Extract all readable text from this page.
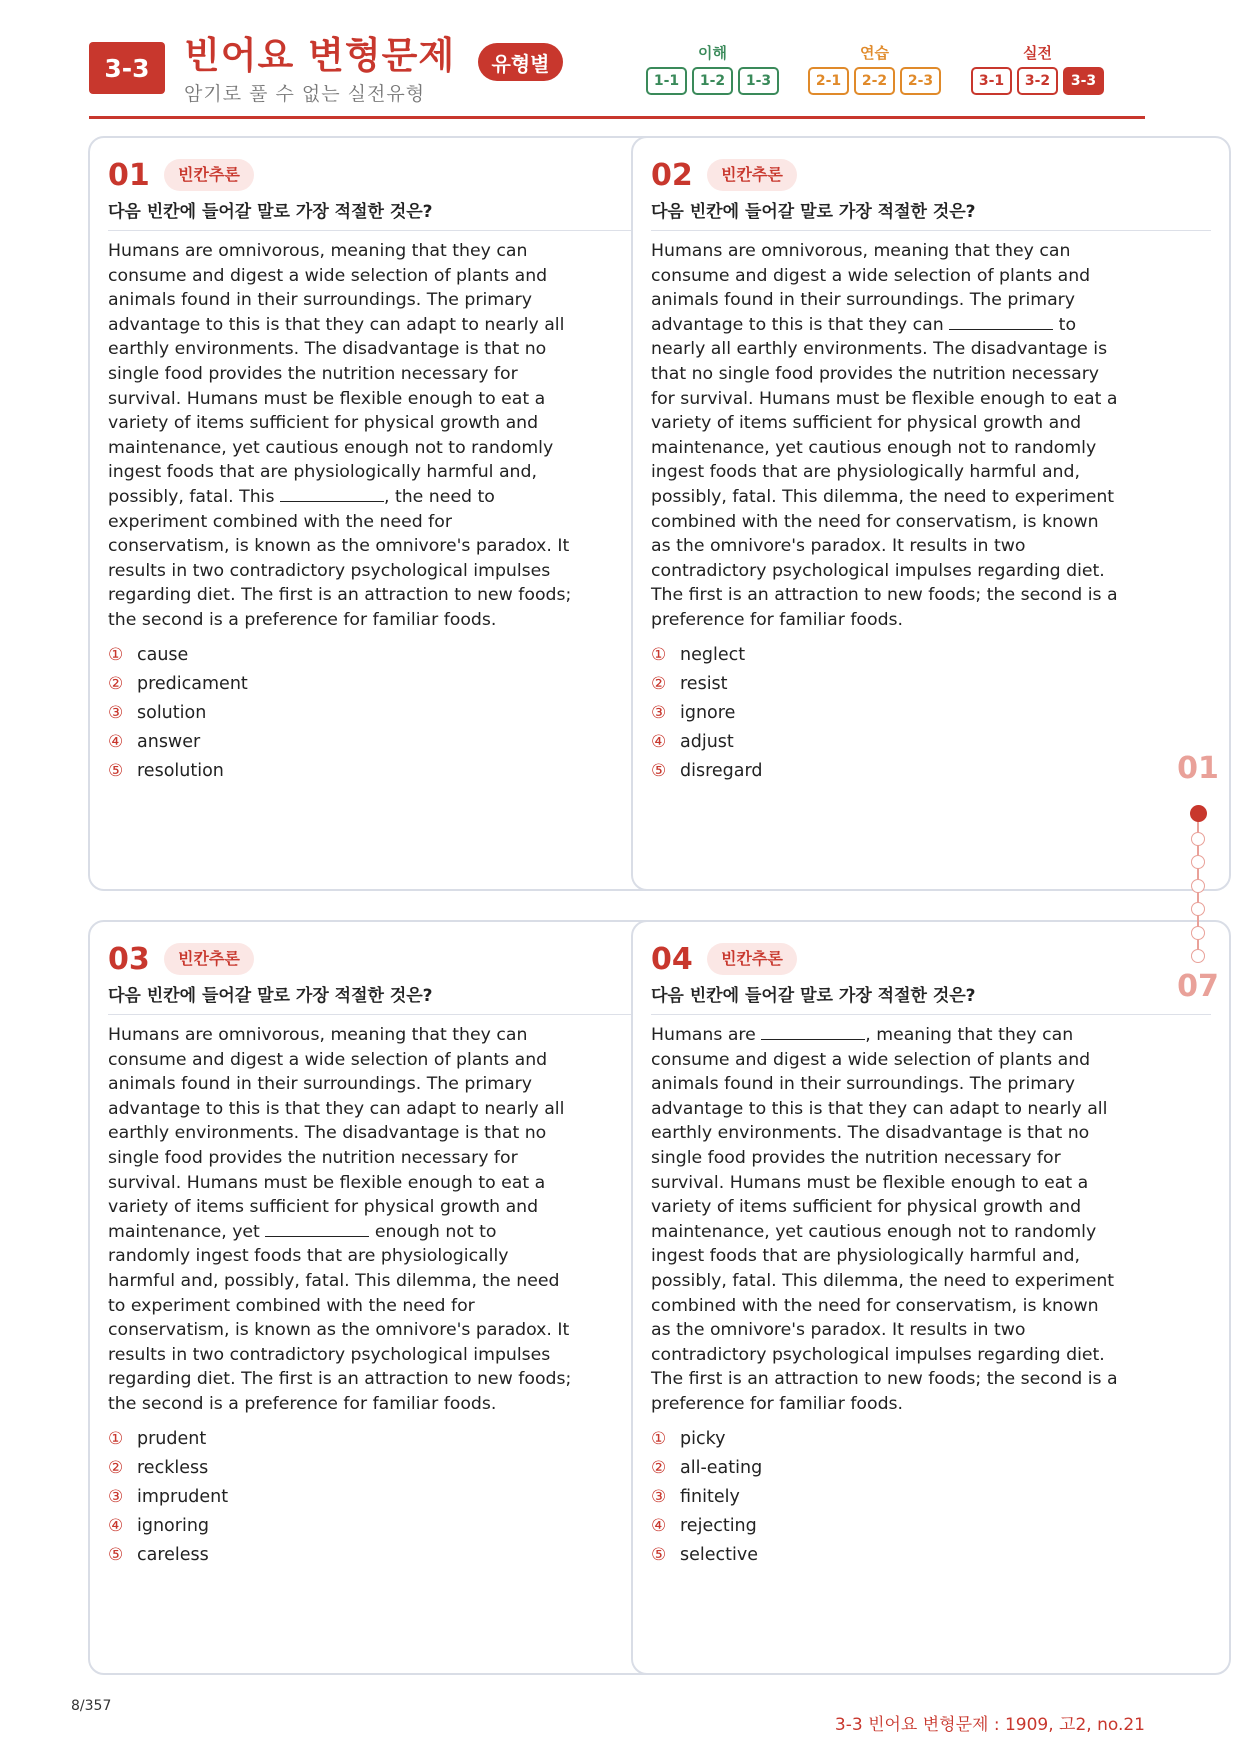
3-3 빈어요 변형문제	유형별
암기로 풀 수 없는 실전유형
이해
1-1	1-2	1-3
연습
2-1	2-2	2-3
실전
3-1	3-2	3-3
01	빈칸추론
다음 빈칸에 들어갈 말로 가장 적절한 것은?
Humans are omnivorous, meaning that they can consume and digest a wide selection of plants and animals found in their surroundings. The primary advantage to this is that they can adapt to nearly all earthly environments. The disadvantage is that no single food provides the nutrition necessary for survival. Humans must be flexible enough to eat a variety of items sufficient for physical growth and maintenance, yet cautious enough not to randomly ingest foods that are physiologically harmful and, possibly, fatal. This	, the need to experiment combined with the need for conservatism, is known as the omnivore's paradox. It results in two contradictory psychological impulses regarding diet. The first is an attraction to new foods; the second is a preference for familiar foods.
① cause
② predicament
③ solution
④ answer
⑤ resolution
02	빈칸추론
다음 빈칸에 들어갈 말로 가장 적절한 것은?
Humans are omnivorous, meaning that they can consume and digest a wide selection of plants and animals found in their surroundings. The primary advantage to this is that they can	to nearly all earthly environments. The disadvantage is that no single food provides the nutrition necessary for survival. Humans must be flexible enough to eat a variety of items sufficient for physical growth and maintenance, yet cautious enough not to randomly ingest foods that are physiologically harmful and, possibly, fatal. This dilemma, the need to experiment combined with the need for conservatism, is known as the omnivore's paradox. It results in two contradictory psychological impulses regarding diet. The first is an attraction to new foods; the second is a preference for familiar foods.
① neglect
② resist
③ ignore
④ adjust
⑤ disregard
03	빈칸추론
다음 빈칸에 들어갈 말로 가장 적절한 것은?
Humans are omnivorous, meaning that they can consume and digest a wide selection of plants and animals found in their surroundings. The primary advantage to this is that they can adapt to nearly all earthly environments. The disadvantage is that no single food provides the nutrition necessary for survival. Humans must be flexible enough to eat a variety of items sufficient for physical growth and maintenance, yet	enough not to randomly ingest foods that are physiologically harmful and, possibly, fatal. This dilemma, the need to experiment combined with the need for conservatism, is known as the omnivore's paradox. It results in two contradictory psychological impulses regarding diet. The first is an attraction to new foods; the second is a preference for familiar foods.
① prudent
② reckless
③ imprudent
④ ignoring
⑤ careless
04	빈칸추론
다음 빈칸에 들어갈 말로 가장 적절한 것은?
Humans are	, meaning that they can consume and digest a wide selection of plants and animals found in their surroundings. The primary advantage to this is that they can adapt to nearly all earthly environments. The disadvantage is that no single food provides the nutrition necessary for survival. Humans must be flexible enough to eat a variety of items sufficient for physical growth and maintenance, yet cautious enough not to randomly ingest foods that are physiologically harmful and, possibly, fatal. This dilemma, the need to experiment combined with the need for conservatism, is known as the omnivore's paradox. It results in two contradictory psychological impulses regarding diet. The first is an attraction to new foods; the second is a preference for familiar foods.
① picky
② all-eating
③ finitely
④ rejecting
⑤ selective
01
07
8/357
3-3 빈어요 변형문제 : 1909, 고2, no.21
